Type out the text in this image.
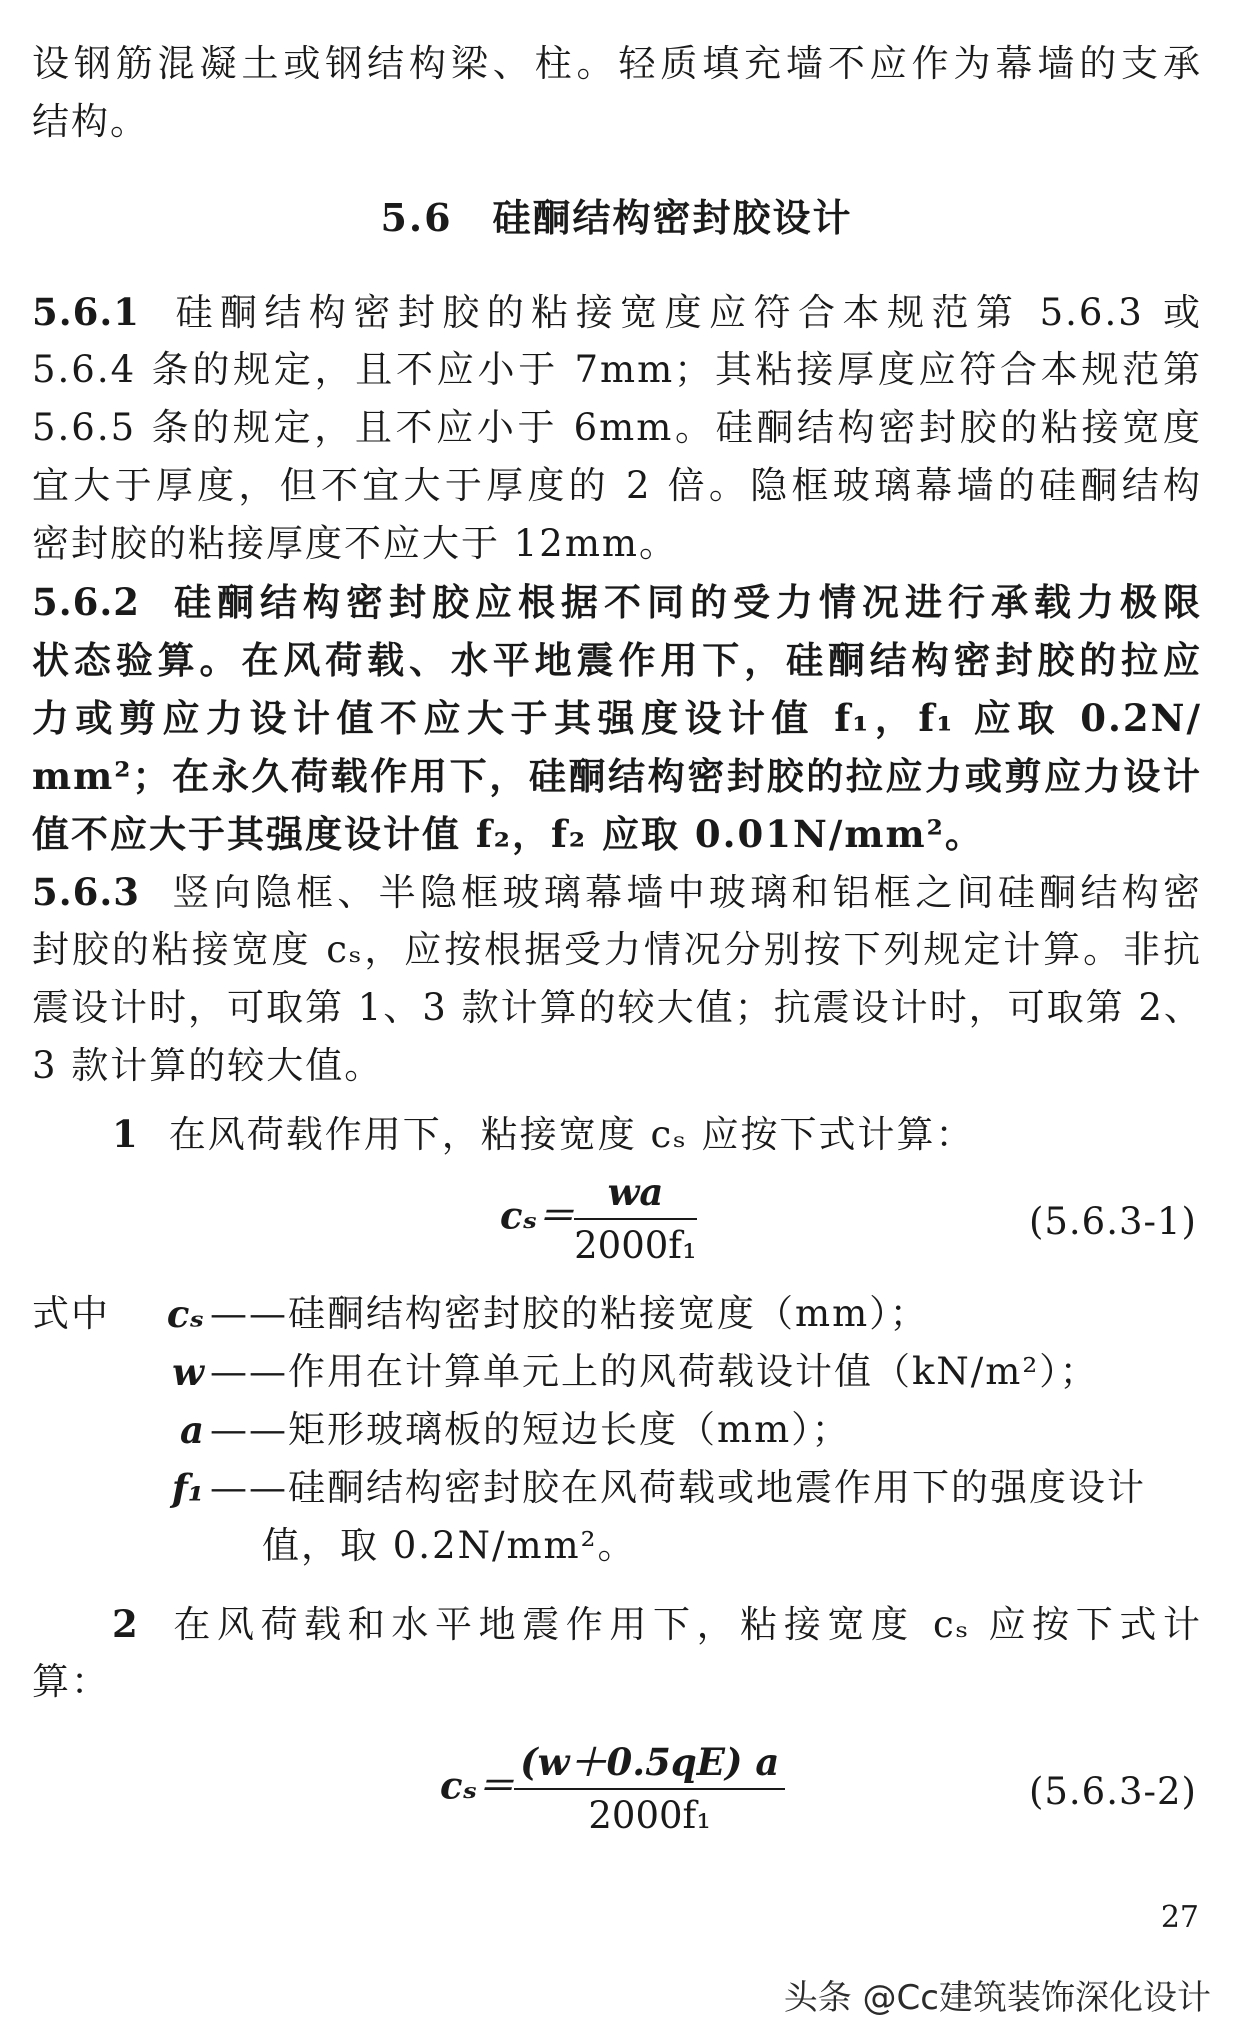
设钢筋混凝土或钢结构梁、柱。轻质填充墙不应作为幕墙的支承
结构。
5.6　硅酮结构密封胶设计
5.6.1 硅酮结构密封胶的粘接宽度应符合本规范第 5.6.3 或
5.6.4 条的规定，且不应小于 7mm；其粘接厚度应符合本规范第
5.6.5 条的规定，且不应小于 6mm。硅酮结构密封胶的粘接宽度
宜大于厚度，但不宜大于厚度的 2 倍。隐框玻璃幕墙的硅酮结构
密封胶的粘接厚度不应大于 12mm。
5.6.2 硅酮结构密封胶应根据不同的受力情况进行承载力极限
状态验算。在风荷载、水平地震作用下，硅酮结构密封胶的拉应
力或剪应力设计值不应大于其强度设计值 f₁，f₁ 应取 0.2N/
mm²；在永久荷载作用下，硅酮结构密封胶的拉应力或剪应力设计
值不应大于其强度设计值 f₂，f₂ 应取 0.01N/mm²。
5.6.3 竖向隐框、半隐框玻璃幕墙中玻璃和铝框之间硅酮结构密
封胶的粘接宽度 cₛ，应按根据受力情况分别按下列规定计算。非抗
震设计时，可取第 1、3 款计算的较大值；抗震设计时，可取第 2、
3 款计算的较大值。
1 在风荷载作用下，粘接宽度 cₛ 应按下式计算：
$c_s= \frac{wa}{\text{2000f₁}}$	(5.6.3-1)
式中	cₛ ——硅酮结构密封胶的粘接宽度（mm）；
w ——作用在计算单元上的风荷载设计值（kN/m²）；
a ——矩形玻璃板的短边长度（mm）；
f₁ ——硅酮结构密封胶在风荷载或地震作用下的强度设计
值，取 0.2N/mm²。
2 在风荷载和水平地震作用下，粘接宽度 cₛ 应按下式计
算：
$c_s= \frac{(w+0.5qE) a}{\text{2000f₁}}$	(5.6.3-2)
27
头条 @Cc建筑装饰深化设计
